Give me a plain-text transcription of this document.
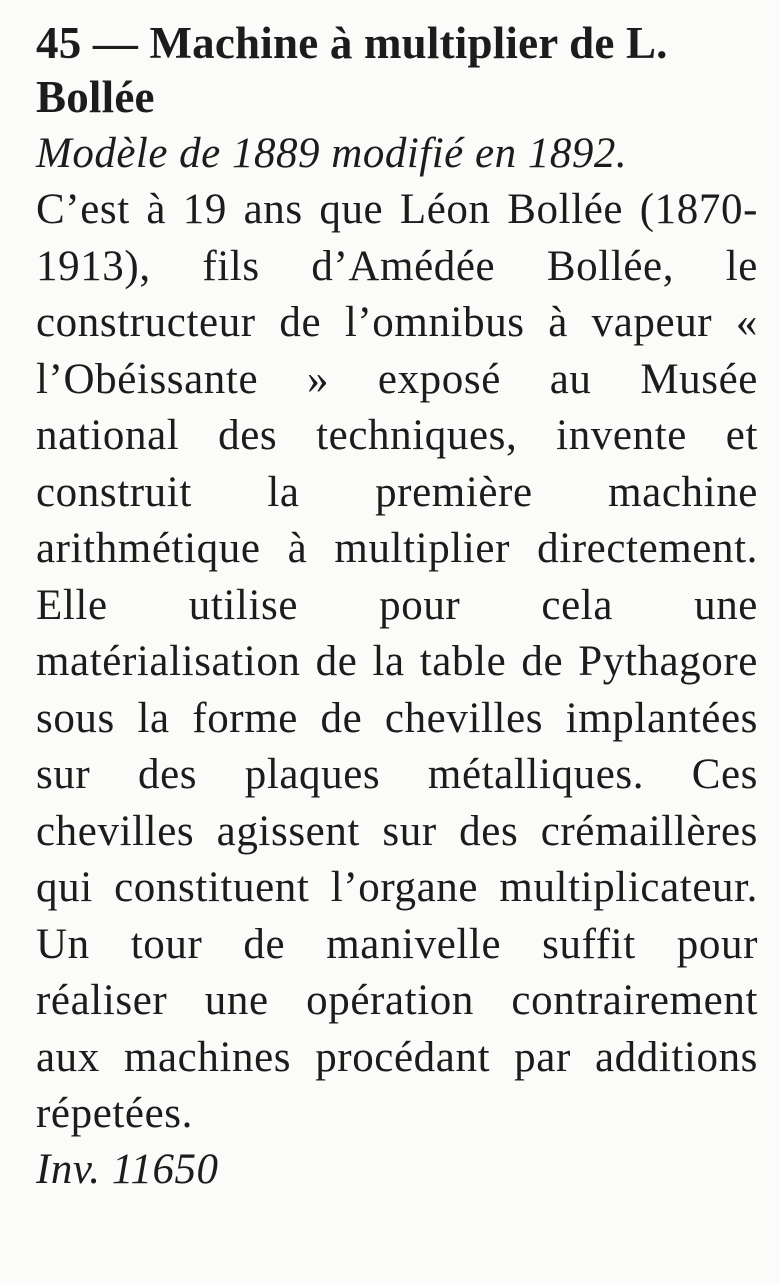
45 — Machine à multiplier de L. Bollée

Modèle de 1889 modifié en 1892.

C’est à 19 ans que Léon Bollée (1870-1913), fils d’Amédée Bollée, le constructeur de l’omnibus à vapeur « l’Obéissante » exposé au Musée national des techniques, invente et construit la première machine arithmétique à multiplier directement. Elle utilise pour cela une matérialisation de la table de Pythagore sous la forme de chevilles implantées sur des plaques métalliques. Ces chevilles agissent sur des crémaillères qui constituent l’organe multiplicateur. Un tour de manivelle suffit pour réaliser une opération contrairement aux machines procédant par additions répetées.

Inv. 11650
